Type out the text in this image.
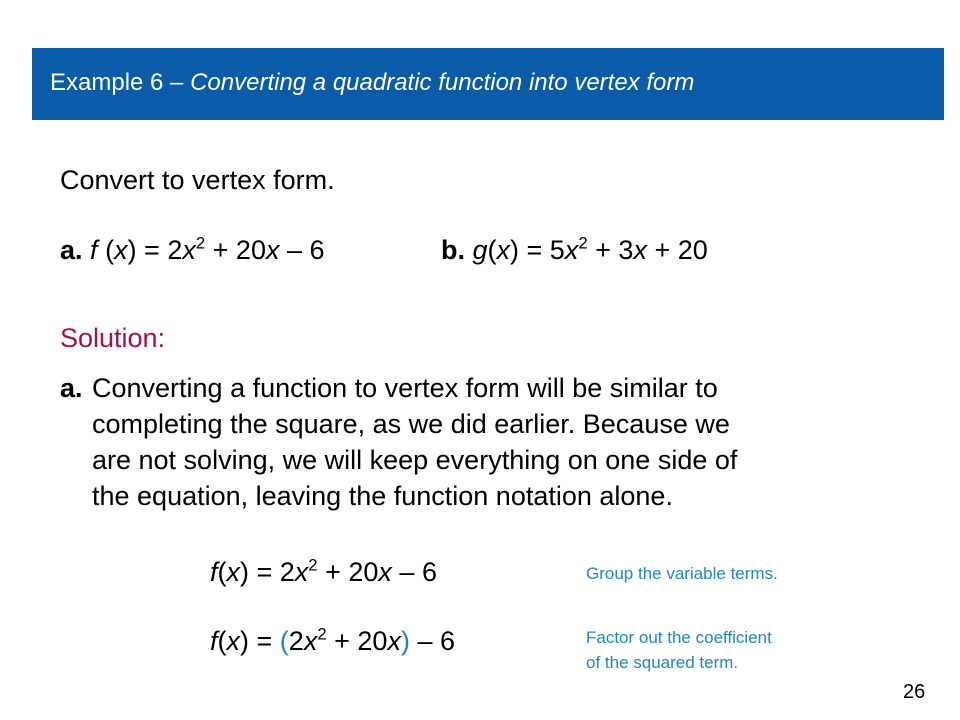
Example 6 – Converting a quadratic function into vertex form
Convert to vertex form.
a. f $(x) = 2x^2 + 20x - 6$	b. $g(x) = 5x^2 + 3x + 20$
Solution:
a. Converting a function to vertex form will be similar to
completing the square, as we did earlier. Because we
are not solving, we will keep everything on one side of
the equation, leaving the function notation alone.
$f(x) = 2x^2 + 20x - 6$	Group the variable terms.
$f(x) = (2x^2 + 20x) - 6$	Factor out the coefficient
of the squared term.
26
